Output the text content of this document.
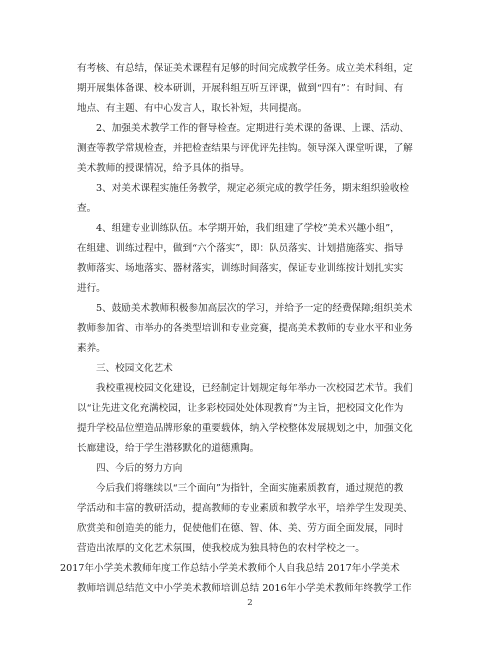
有考核、有总结，保证美术课程有足够的时间完成教学任务。成立美术科组，定
期开展集体备课、校本研训，开展科组互听互评课，做到“四有”：有时间、有
地点、有主题、有中心发言人，取长补短，共同提高。
2、加强美术教学工作的督导检查。定期进行美术课的备课、上课、活动、
测查等教学常规检查，并把检查结果与评优评先挂钩。领导深入课堂听课，了解
美术教师的授课情况，给予具体的指导。
3、对美术课程实施任务教学，规定必须完成的教学任务，期末组织验收检
查。
4、组建专业训练队伍。本学期开始，我们组建了学校”美术兴趣小组”，
在组建、训练过程中，做到“六个落实”，即：队员落实、计划措施落实、指导
教师落实、场地落实、器材落实，训练时间落实，保证专业训练按计划扎实实
进行。
5、鼓励美术教师积极参加高层次的学习，并给予一定的经费保障;组织美术
教师参加省、市举办的各类型培训和专业竞赛，提高美术教师的专业水平和业务
素养。
三、校园文化艺术
我校重视校园文化建设，已经制定计划规定每年举办一次校园艺术节。我们
以“让先进文化充满校园，让多彩校园处处体现教育”为主旨，把校园文化作为
提升学校品位塑造品牌形象的重要载体，纳入学校整体发展规划之中，加强文化
长廊建设，给于学生潜移默化的道德熏陶。
四、今后的努力方向
今后我们将继续以“三个面向”为指针，全面实施素质教育，通过规范的教
学活动和丰富的教研活动，提高教师的专业素质和教学水平，培养学生发现美、
欣赏美和创造美的能力，促使他们在德、智、体、美、劳方面全面发展，同时
营造出浓厚的文化艺术氛围，使我校成为独具特色的农村学校之一。
2017年小学美术教师年度工作总结小学美术教师个人自我总结 2017年小学美术
教师培训总结范文中小学美术教师培训总结 2016年小学美术教师年终教学工作
2
